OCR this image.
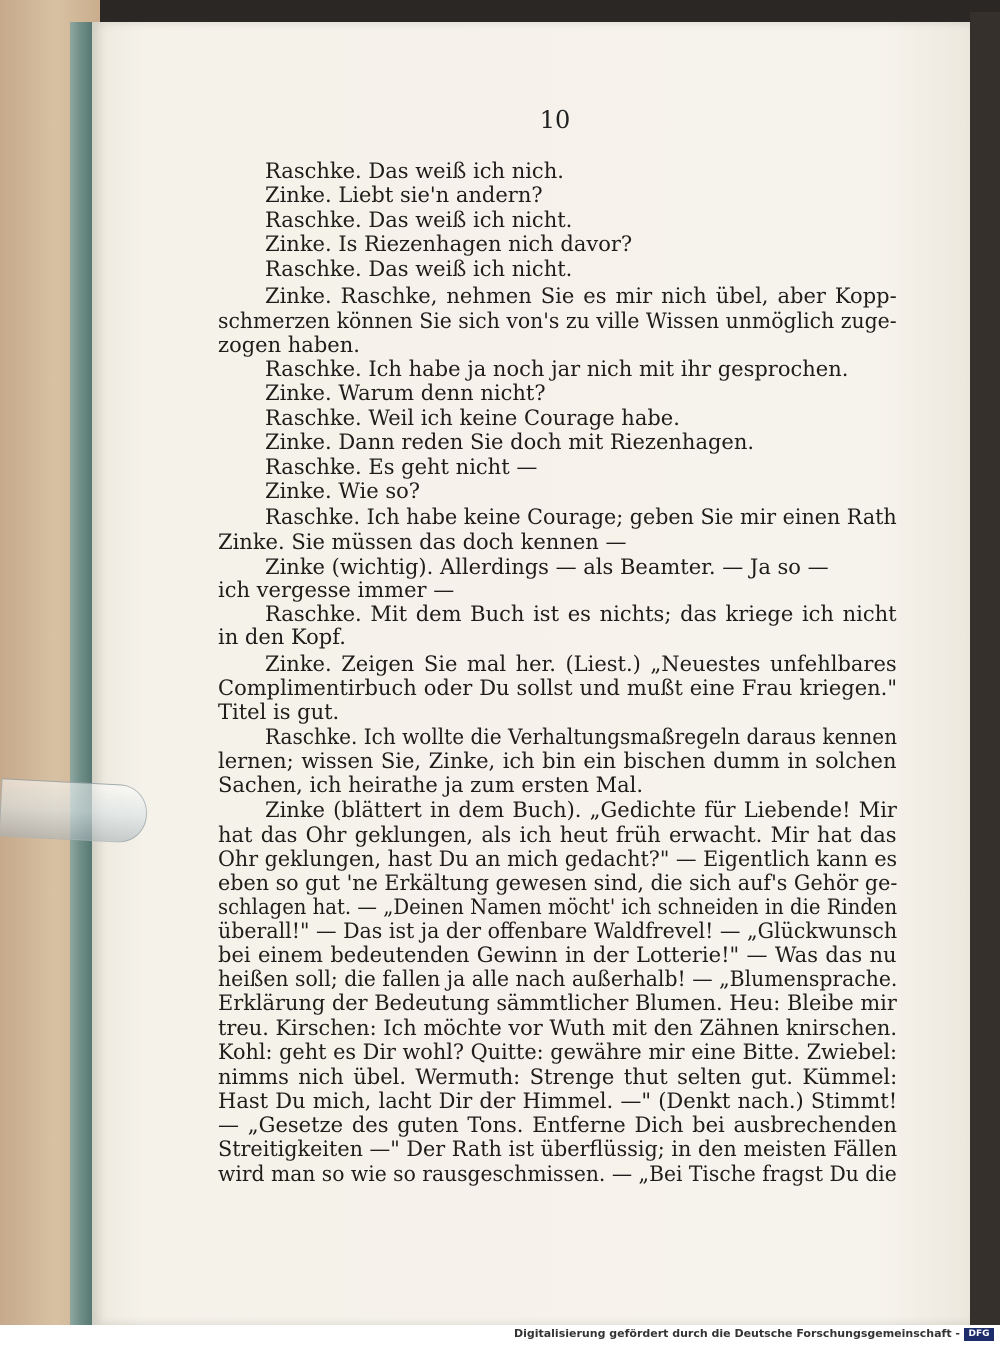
10
Raschke. Das weiß ich nich.
Zinke. Liebt sie'n andern?
Raschke. Das weiß ich nicht.
Zinke. Is Riezenhagen nich davor?
Raschke. Das weiß ich nicht.
Zinke. Raschke, nehmen Sie es mir nich übel, aber Kopp-
schmerzen können Sie sich von's zu ville Wissen unmöglich zuge-
zogen haben.
Raschke. Ich habe ja noch jar nich mit ihr gesprochen.
Zinke. Warum denn nicht?
Raschke. Weil ich keine Courage habe.
Zinke. Dann reden Sie doch mit Riezenhagen.
Raschke. Es geht nicht —
Zinke. Wie so?
Raschke. Ich habe keine Courage; geben Sie mir einen Rath
Zinke. Sie müssen das doch kennen —
Zinke (wichtig). Allerdings — als Beamter. — Ja so —
ich vergesse immer —
Raschke. Mit dem Buch ist es nichts; das kriege ich nicht
in den Kopf.
Zinke. Zeigen Sie mal her. (Liest.) „Neuestes unfehlbares
Complimentirbuch oder Du sollst und mußt eine Frau kriegen."
Titel is gut.
Raschke. Ich wollte die Verhaltungsmaßregeln daraus kennen
lernen; wissen Sie, Zinke, ich bin ein bischen dumm in solchen
Sachen, ich heirathe ja zum ersten Mal.
Zinke (blättert in dem Buch). „Gedichte für Liebende! Mir
hat das Ohr geklungen, als ich heut früh erwacht. Mir hat das
Ohr geklungen, hast Du an mich gedacht?" — Eigentlich kann es
eben so gut 'ne Erkältung gewesen sind, die sich auf's Gehör ge-
schlagen hat. — „Deinen Namen möcht' ich schneiden in die Rinden
überall!" — Das ist ja der offenbare Waldfrevel! — „Glückwunsch
bei einem bedeutenden Gewinn in der Lotterie!" — Was das nu
heißen soll; die fallen ja alle nach außerhalb! — „Blumensprache.
Erklärung der Bedeutung sämmtlicher Blumen. Heu: Bleibe mir
treu. Kirschen: Ich möchte vor Wuth mit den Zähnen knirschen.
Kohl: geht es Dir wohl? Quitte: gewähre mir eine Bitte. Zwiebel:
nimms nich übel. Wermuth: Strenge thut selten gut. Kümmel:
Hast Du mich, lacht Dir der Himmel. —" (Denkt nach.) Stimmt!
— „Gesetze des guten Tons. Entferne Dich bei ausbrechenden
Streitigkeiten —" Der Rath ist überflüssig; in den meisten Fällen
wird man so wie so rausgeschmissen. — „Bei Tische fragst Du die
Digitalisierung gefördert durch die Deutsche Forschungsgemeinschaft - DFG
